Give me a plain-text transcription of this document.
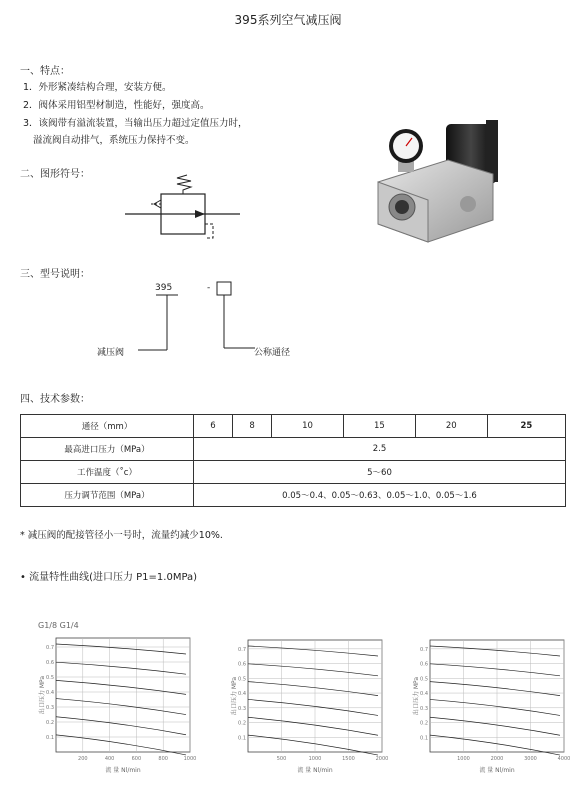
395系列空气减压阀
一、特点：
1．外形紧凑结构合理，安装方便。
2．阀体采用铝型材制造，性能好，强度高。
3．该阀带有溢流装置，当输出压力超过定值压力时，
溢流阀自动排气，系统压力保持不变。
二、图形符号：
三、型号说明：
395	-
减压阀	公称通径
四、技术参数：
通径（mm）	6	8	10	15	20	25
最高进口压力（MPa）	2.5					
工作温度（˚c）	5～60					
压力调节范围（MPa）	0.05～0.4、0.05～0.63、0.05～1.0、0.05～1.6					
* 减压阀的配接管径小一号时，流量约减少10%.
• 流量特性曲线(进口压力 P1=1.0MPa)
G1/8 G1/4
0.1
0.2
0.3
0.4
0.5
0.6
0.7
200	400	600	800	1000
流 量 Nl/min
出口压力 MPa
0.1
0.2
0.3
0.4
0.5
0.6
0.7
500	1000	1500	2000
流 量 Nl/min
出口压力 MPa
0.1
0.2
0.3
0.4
0.5
0.6
0.7
1000	2000	3000	4000
流 量 Nl/min
出口压力 MPa
